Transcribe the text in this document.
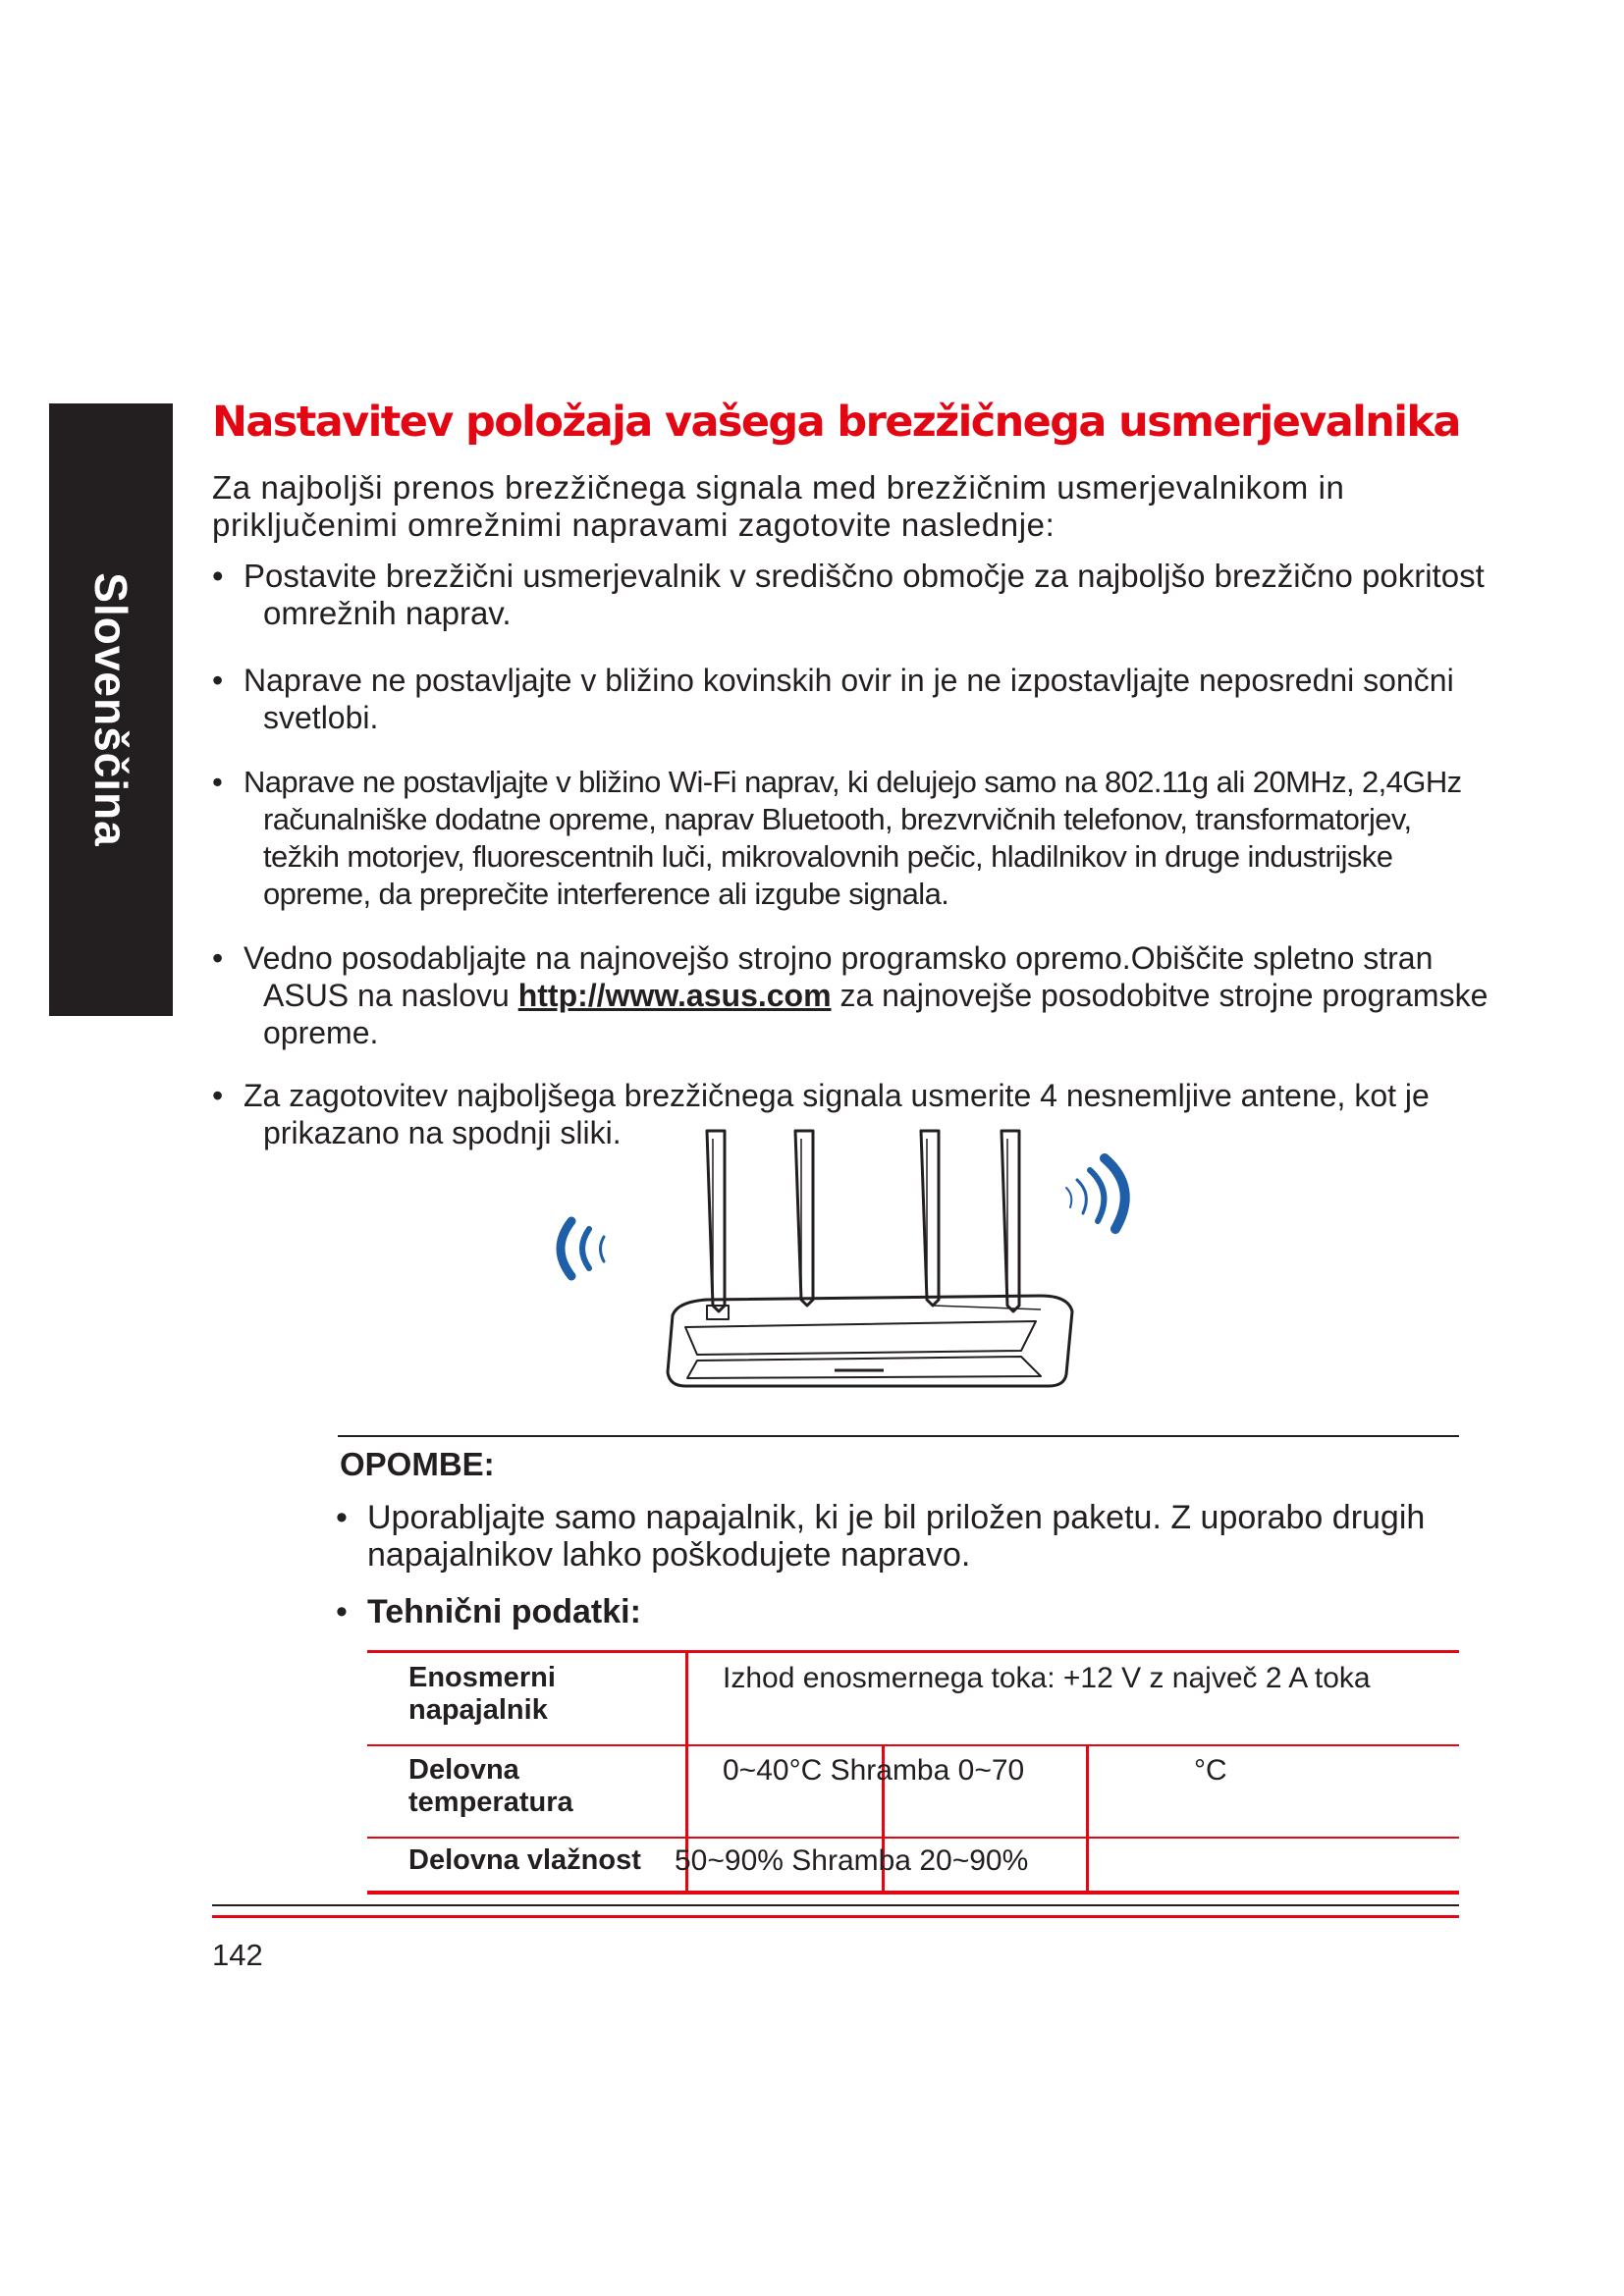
Slovenščina
Nastavitev položaja vašega brezžičnega usmerjevalnika

Za najboljši prenos brezžičnega signala med brezžičnim usmerjevalnikom in priključenimi omrežnimi napravami zagotovite naslednje:

• Postavite brezžični usmerjevalnik v središčno območje za najboljšo brezžično pokritost omrežnih naprav.
• Naprave ne postavljajte v bližino kovinskih ovir in je ne izpostavljajte neposredni sončni svetlobi.
• Naprave ne postavljajte v bližino Wi-Fi naprav, ki delujejo samo na 802.11g ali 20MHz, 2,4GHz računalniške dodatne opreme, naprav Bluetooth, brezvrvičnih telefonov, transformatorjev, težkih motorjev, fluorescentnih luči, mikrovalovnih pečic, hladilnikov in druge industrijske opreme, da preprečite interference ali izgube signala.
• Vedno posodabljajte na najnovejšo strojno programsko opremo.Obiščite spletno stran ASUS na naslovu http://www.asus.com za najnovejše posodobitve strojne programske opreme.
• Za zagotovitev najboljšega brezžičnega signala usmerite 4 nesnemljive antene, kot je prikazano na spodnji sliki.
OPOMBE:
• Uporabljajte samo napajalnik, ki je bil priložen paketu. Z uporabo drugih napajalnikov lahko poškodujete napravo.
• Tehnični podatki:
Enosmerni napajalnik
Izhod enosmernega toka: +12 V z največ 2 A toka
Delovna temperatura
0~40°C Shramba 0~70	°C
Delovna vlažnost 50~90% Shramba 20~90%

142
